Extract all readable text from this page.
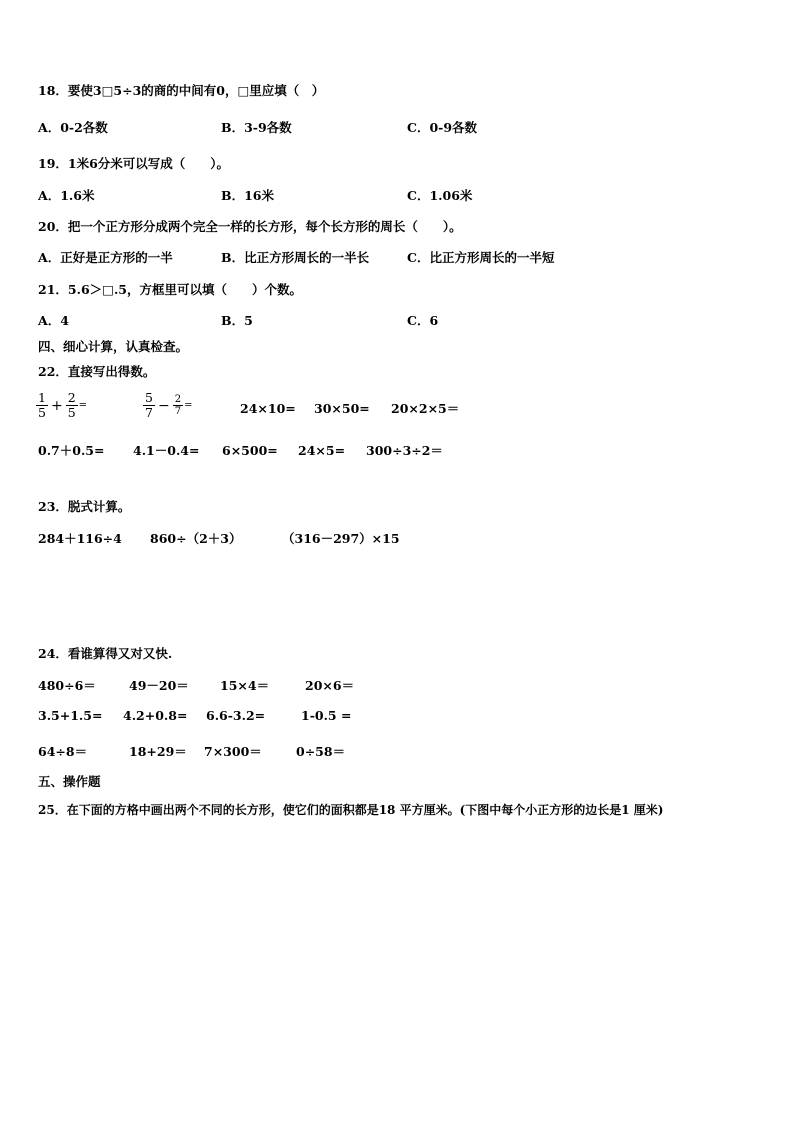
18．要使3□5÷3的商的中间有0，□里应填（　）
A．0-2各数	B．3-9各数	C．0-9各数
19．1米6分米可以写成（　　）。
A．1.6米	B．16米	C．1.06米
20．把一个正方形分成两个完全一样的长方形，每个长方形的周长（　　）。
A．正好是正方形的一半	B．比正方形周长的一半长	C．比正方形周长的一半短
21．5.6＞□.5，方框里可以填（　　）个数。
A．4	B．5	C．6
四、细心计算，认真检查。
22．直接写出得数。
$\frac{1}{5} + \frac{2}{5}$ =	$\frac{5}{7} - \frac{2}{7}$ =	24×10= 30×50= 20×2×5＝
0.7＋0.5= 4.1－0.4= 6×500= 24×5= 300÷3÷2＝
23．脱式计算。
284＋116÷4 860÷（2＋3）	（316－297）×15
24．看谁算得又对又快.
480÷6＝	49－20＝ 15×4＝	20×6＝
3.5+1.5= 4.2+0.8= 6.6-3.2=	1-0.5 =
64÷8＝	18+29＝ 7×300＝	0÷58＝
五、操作题
25．在下面的方格中画出两个不同的长方形，使它们的面积都是18 平方厘米。(下图中每个小正方形的边长是1 厘米)
